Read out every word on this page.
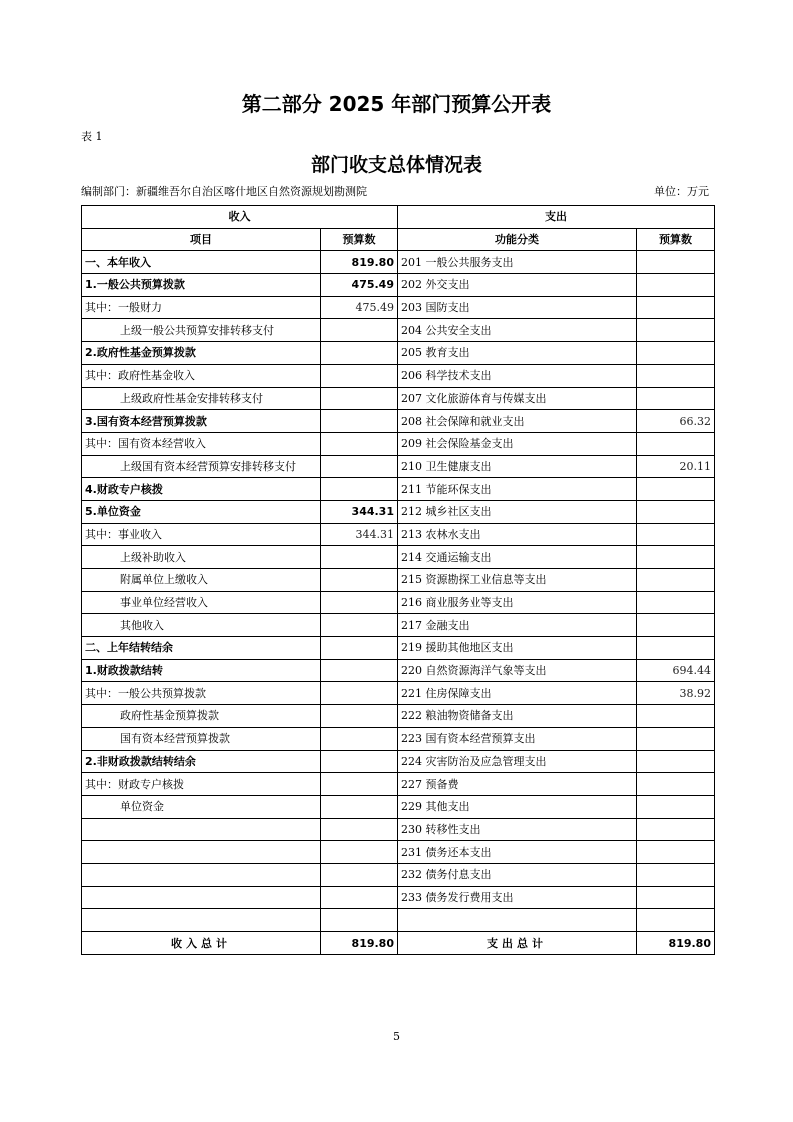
第二部分 2025 年部门预算公开表
表 1
部门收支总体情况表
编制部门：新疆维吾尔自治区喀什地区自然资源规划勘测院	单位：万元
收入		支出	
项目	预算数	功能分类	预算数
一、本年收入	819.80	201 一般公共服务支出	
1.一般公共预算拨款	475.49	202 外交支出	
其中：一般财力	475.49	203 国防支出	
上级一般公共预算安排转移支付		204 公共安全支出	
2.政府性基金预算拨款		205 教育支出	
其中：政府性基金收入		206 科学技术支出	
上级政府性基金安排转移支付		207 文化旅游体育与传媒支出	
3.国有资本经营预算拨款		208 社会保障和就业支出	66.32
其中：国有资本经营收入		209 社会保险基金支出	
上级国有资本经营预算安排转移支付		210 卫生健康支出	20.11
4.财政专户核拨		211 节能环保支出	
5.单位资金	344.31	212 城乡社区支出	
其中：事业收入	344.31	213 农林水支出	
上级补助收入		214 交通运输支出	
附属单位上缴收入		215 资源勘探工业信息等支出	
事业单位经营收入		216 商业服务业等支出	
其他收入		217 金融支出	
二、上年结转结余		219 援助其他地区支出	
1.财政拨款结转		220 自然资源海洋气象等支出	694.44
其中：一般公共预算拨款		221 住房保障支出	38.92
政府性基金预算拨款		222 粮油物资储备支出	
国有资本经营预算拨款		223 国有资本经营预算支出	
2.非财政拨款结转结余		224 灾害防治及应急管理支出	
其中：财政专户核拨		227 预备费	
单位资金		229 其他支出	
		230 转移性支出	
		231 债务还本支出	
		232 债务付息支出	
		233 债务发行费用支出	

收入总计	819.80	支出总计	819.80
5
